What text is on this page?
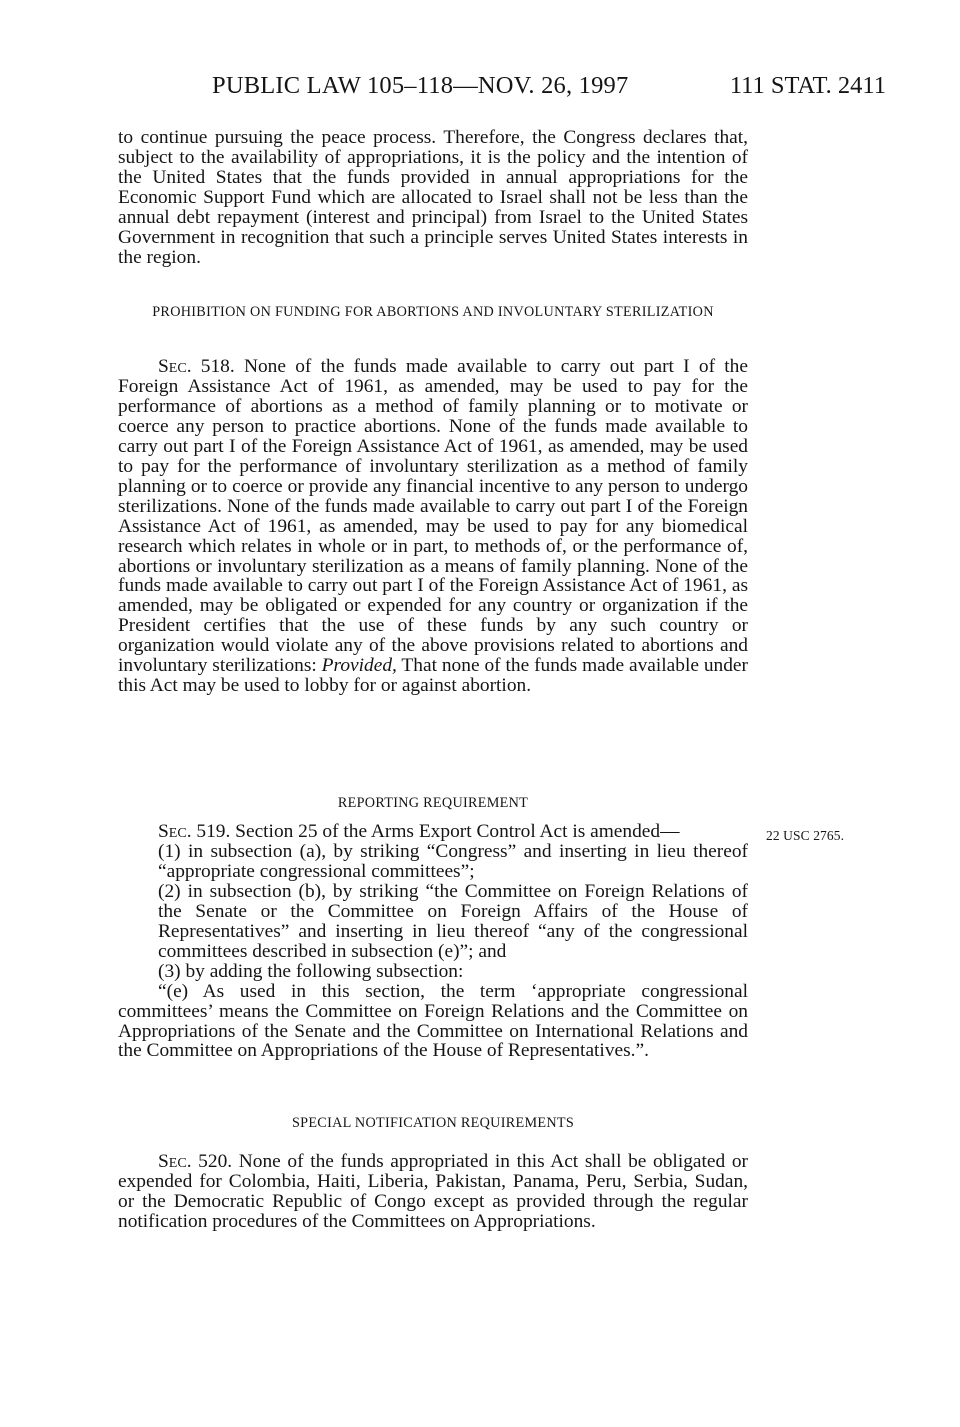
PUBLIC LAW 105–118—NOV. 26, 1997	111 STAT. 2411

to continue pursuing the peace process. Therefore, the Congress declares that, subject to the availability of appropriations, it is the policy and the intention of the United States that the funds provided in annual appropriations for the Economic Support Fund which are allocated to Israel shall not be less than the annual debt repayment (interest and principal) from Israel to the United States Government in recognition that such a principle serves United States interests in the region.

PROHIBITION ON FUNDING FOR ABORTIONS AND INVOLUNTARY STERILIZATION

Sec. 518. None of the funds made available to carry out part I of the Foreign Assistance Act of 1961, as amended, may be used to pay for the performance of abortions as a method of family planning or to motivate or coerce any person to practice abortions. None of the funds made available to carry out part I of the Foreign Assistance Act of 1961, as amended, may be used to pay for the performance of involuntary sterilization as a method of family planning or to coerce or provide any financial incentive to any person to undergo sterilizations. None of the funds made available to carry out part I of the Foreign Assistance Act of 1961, as amended, may be used to pay for any biomedical research which relates in whole or in part, to methods of, or the performance of, abortions or involuntary sterilization as a means of family planning. None of the funds made available to carry out part I of the Foreign Assistance Act of 1961, as amended, may be obligated or expended for any country or organization if the President certifies that the use of these funds by any such country or organization would violate any of the above provisions related to abortions and involuntary sterilizations: Provided, That none of the funds made available under this Act may be used to lobby for or against abortion.

REPORTING REQUIREMENT
22 USC 2765.

Sec. 519. Section 25 of the Arms Export Control Act is amended—

(1) in subsection (a), by striking “Congress” and inserting in lieu thereof “appropriate congressional committees”;

(2) in subsection (b), by striking “the Committee on Foreign Relations of the Senate or the Committee on Foreign Affairs of the House of Representatives” and inserting in lieu thereof “any of the congressional committees described in subsection (e)”; and

(3) by adding the following subsection:

“(e) As used in this section, the term ‘appropriate congressional committees’ means the Committee on Foreign Relations and the Committee on Appropriations of the Senate and the Committee on International Relations and the Committee on Appropriations of the House of Representatives.”.

SPECIAL NOTIFICATION REQUIREMENTS

Sec. 520. None of the funds appropriated in this Act shall be obligated or expended for Colombia, Haiti, Liberia, Pakistan, Panama, Peru, Serbia, Sudan, or the Democratic Republic of Congo except as provided through the regular notification procedures of the Committees on Appropriations.
